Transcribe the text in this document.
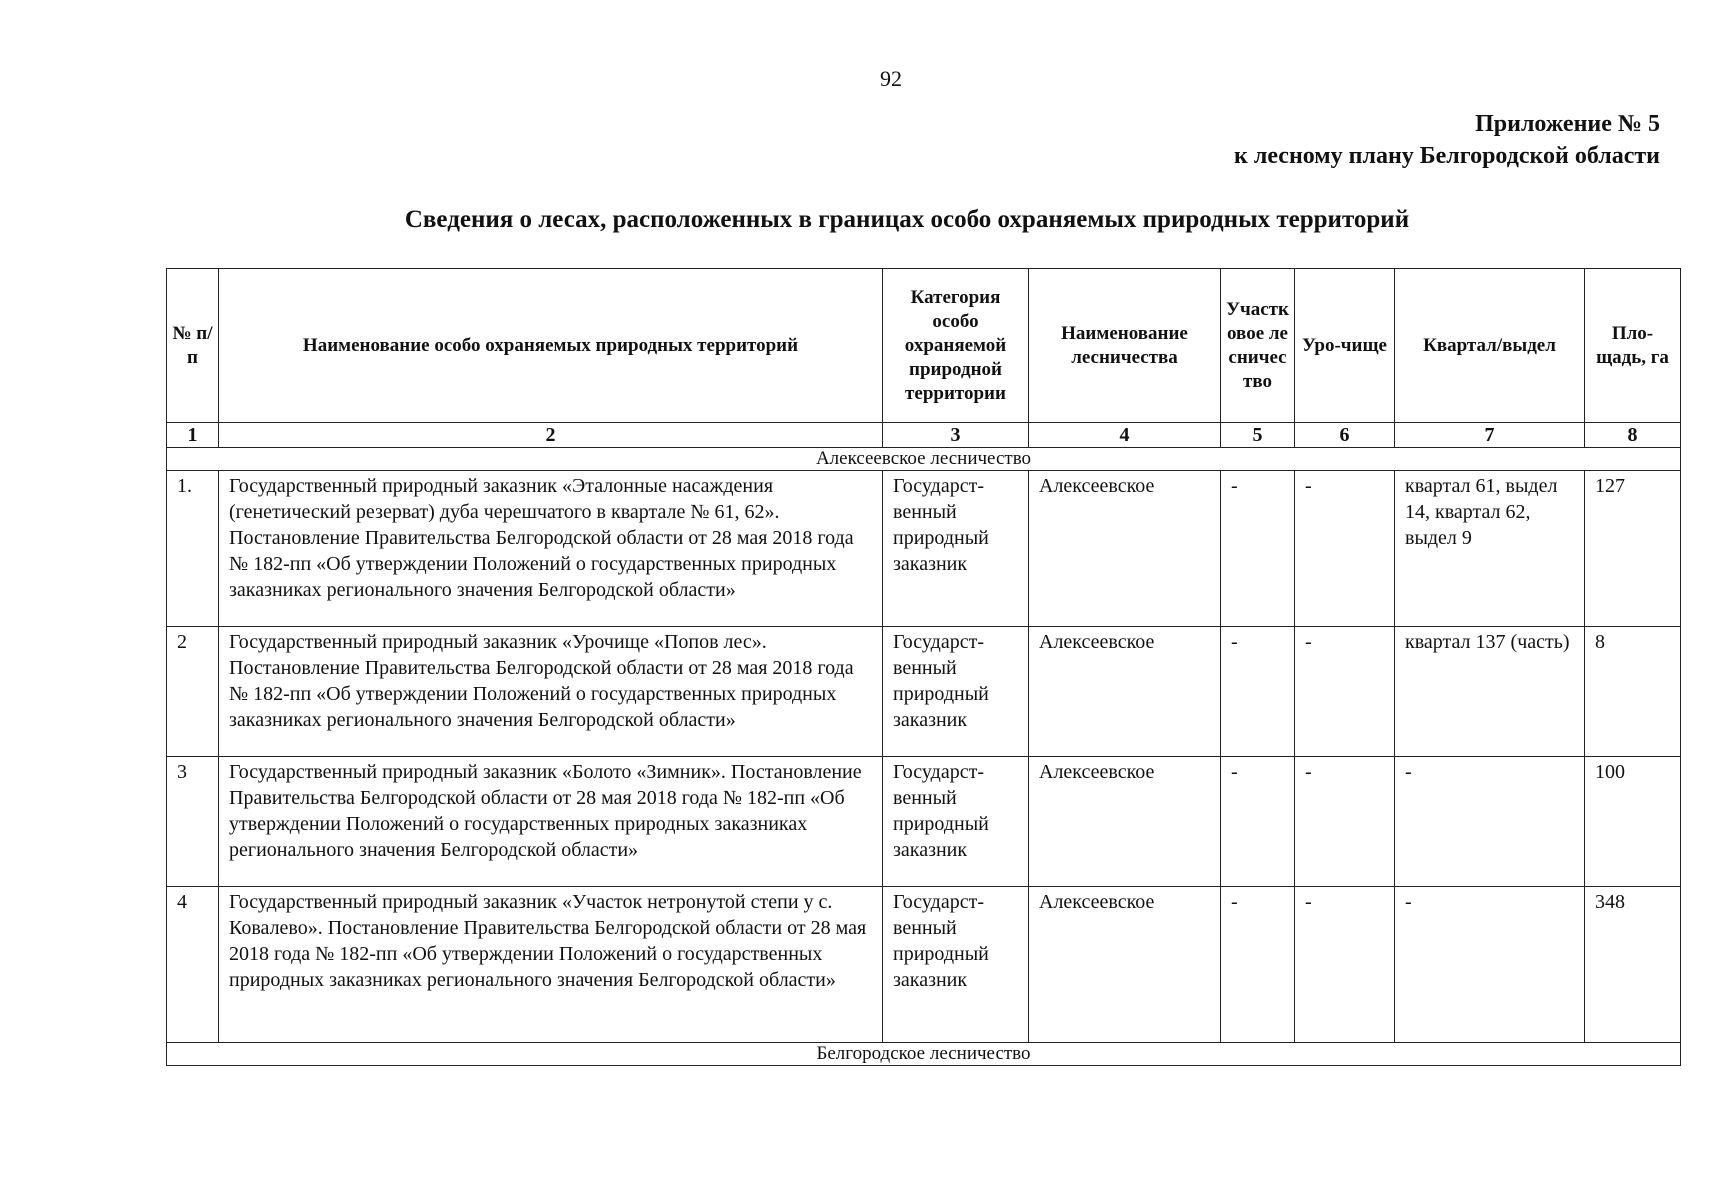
92
Приложение № 5
к лесному плану Белгородской области
Сведения о лесах, расположенных в границах особо охраняемых природных территорий
№ п/п	Наименование особо охраняемых природных территорий	Категория особо охраняемой природной территории	Наименование лесничества	Участковое лесничество	Уро-чище	Квартал/выдел	Пло-щадь, га
1	2	3	4	5	6	7	8
Алексеевское лесничество							
1.	Государственный природный заказник «Эталонные насаждения (генетический резерват) дуба черешчатого в квартале № 61, 62». Постановление Правительства Белгородской области от 28 мая 2018 года № 182-пп «Об утверждении Положений о государственных природных заказниках регионального значения Белгородской области»	Государст-венный природный заказник	Алексеевское	-	-	квартал 61, выдел 14, квартал 62, выдел 9	127
2	Государственный природный заказник «Урочище «Попов лес». Постановление Правительства Белгородской области от 28 мая 2018 года № 182-пп «Об утверждении Положений о государственных природных заказниках регионального значения Белгородской области»	Государст-венный природный заказник	Алексеевское	-	-	квартал 137 (часть)	8
3	Государственный природный заказник «Болото «Зимник». Постановление Правительства Белгородской области от 28 мая 2018 года № 182-пп «Об утверждении Положений о государственных природных заказниках регионального значения Белгородской области»	Государст-венный природный заказник	Алексеевское	-	-	-	100
4	Государственный природный заказник «Участок нетронутой степи у с. Ковалево». Постановление Правительства Белгородской области от 28 мая 2018 года № 182-пп «Об утверждении Положений о государственных природных заказниках регионального значения Белгородской области»	Государст-венный природный заказник	Алексеевское	-	-	-	348
Белгородское лесничество							
